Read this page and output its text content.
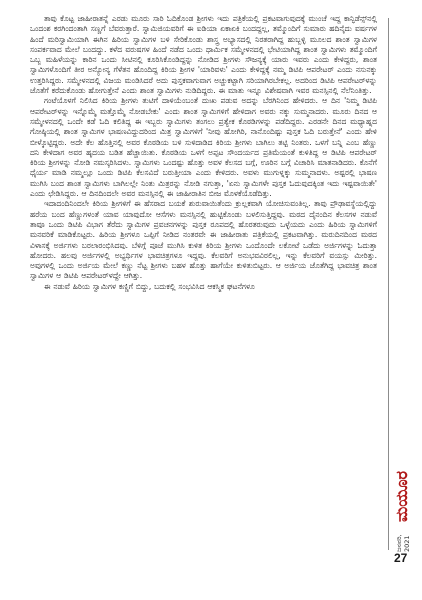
ತಾವು ಕೊಟ್ಟ ಜಾಹೀರಾತನ್ನೆ ಎರಡು ಮೂರು ಸಾರಿ ಓದಿಕೊಂಡ ಶ್ರೀಗಳು ಇದು ಪತ್ರಿಕೆಯಲ್ಲಿ ಪ್ರಕಟವಾಗುವುದಕ್ಕೆ ಮುಂಚೆ ಇದ್ದ ಕಾನ್ಫಿಡೆನ್ಸ್‌ನಲ್ಲಿ ಒಂದಂಶ ಕರಗಿಂದಂತಾಗಿ ಸಣ್ಣಗೆ ಬೆವರುತ್ತಾರೆ. ಸ್ವಾಮಿಜಿಯವರಿಗೆ ಈ ಐಡಿಯಾ ಏಕಾಏಕಿ ಬಂದದ್ದಲ್ಲ, ತಮ್ಮೊಂದಿಗೆ ಸುಮಾರು ಹದಿನೈದು ವರ್ಷಗಳ ಹಿಂದೆ ಮರಿಸ್ವಾಮಿಯಾಗಿ ಈಗಿನ ಹಿರಿಯ ಸ್ವಾಮಿಗಳ ಬಳಿ ಸೇರಿಕೊಂಡು ಶಾಸ್ತ್ರ ಅಭ್ಯಾಸದಲ್ಲಿ ನಿರತರಾಗಿದ್ದ ಹುಬ್ಬಳ್ಳಿ ಮೂಲದ ಶಾಂತ ಸ್ವಾಮಿಗಳ ಸಂಪರ್ಕವಾದ ಮೇಲೆ ಬಂದದ್ದು. ಕಳೆದ ವರುಷಗಳ ಹಿಂದೆ ನಡೆದ ಒಂದು ಧಾರ್ಮಿಕ ಸಮ್ಮೇಳನದಲ್ಲಿ ಭೇಟಿಯಾಗಿದ್ದ ಶಾಂತ ಸ್ವಾಮಿಗಳು ತಮ್ಮೊಂದಿಗೆ ಒಬ್ಬ ಮಹಿಳೆಯನ್ನು ಕಾರಿನ ಒಂದು ಸೀಟಿನಲ್ಲಿ ಕೂರಿಸಿಕೊಂಡಿದ್ದನ್ನು ನೋಡಿದ ಶ್ರೀಗಳು ಸೌಜನ್ಯಕ್ಕೆ ಯಾರು ಇವರು ಎಂದು ಕೇಳಿದ್ದರು, ಶಾಂತ ಸ್ವಾಮಿಗಳೊಂದಿಗೆ ತೀರ ಅನ್ಯೋನ್ಯ ಗೆಳೆತನ ಹೊಂದಿದ್ದ ಕಿರಿಯ ಶ್ರೀಗಳ 'ಯಾರಿವಳು' ಎಂದು ಕೇಳಿದ್ದಕ್ಕೆ ನಮ್ಮ ಡಿಟಿಪಿ ಆಪರೇಟರ್ ಎಂದು ನಸುನಕ್ಕು ಉತ್ತರಿಸಿದ್ದರು. ಸಮ್ಮೇಳನದಲ್ಲಿ ವಿಜಯ ಮಂಡಿಸಿದರೆ ಅದು ಪುಸ್ತಕವಾಗುವಾಗ ಅಚ್ಚುಕಟ್ಟಾಗಿ ಸರಿಯಾಗಿರಬೇಕಲ್ಲ. ಅದರಿಂದ ಡಿಟಿಪಿ ಆಪರೇಟರ್‌ಳನ್ನು ಜೊತೆಗೆ ಕರೆದುಕೊಂಡು ಹೋಗುತ್ತೇನೆ ಎಂದು ಶಾಂತ ಸ್ವಾಮಿಗಳು ನುಡಿದಿದ್ದರು. ಈ ಮಾತು ಇನ್ನೂ ವಿಶೇಷವಾಗಿ ಇವರ ಮನಸ್ಸಿನಲ್ಲಿ ನೆಲೆನಿಂತಿತ್ತು.

ಗಂಟೆಯೊಳಗೆ ನಿಲಿಸಿದ ಕಿರಿಯ ಶ್ರೀಗಳು ತುಟಿಗೆ ದಾಳಿಯೆಂಬಂತೆ ದುಃಖ ಪಡುವ ಅದನ್ನು ಬೆರಗಿನಿಂದ ಹೇಳಿದರು. ಆ ದಿನ 'ನಿಮ್ಮ ಡಿಟಿಪಿ ಆಪರೇಟರ್‌ಳನ್ನು ಇನ್ನೊಮ್ಮೆ ಮತ್ತೊಮ್ಮೆ ನೋಡಬೇಕು' ಎಂದು ಶಾಂತ ಸ್ವಾಮಿಗಳಿಗೆ ಹೇಳಿದಾಗ ಅವರು ನಕ್ಕು ಸುಮ್ಮನಾದರು. ಮೂರು ದಿನದ ಆ ಸಮ್ಮೇಳನದಲ್ಲಿ ಒಂದೇ ಕಡೆ ಓದಿ ಕಲಿತಿದ್ದ ಈ ಇಬ್ಬರು ಸ್ವಾಮಿಗಳು ತಂಗಲು ಪ್ರತ್ಯೇಕ ಕೊಠಡಿಗಳನ್ನು ಪಡೆದಿದ್ದರು. ಎರಡನೇ ದಿನದ ಮಧ್ಯಾಹ್ನದ ಗೋಷ್ಠಿಯಲ್ಲಿ ಶಾಂತ ಸ್ವಾಮಿಗಳ ಭಾಷಣವಿದ್ದುದರಿಂದ ಮಿತ್ರ ಸ್ವಾಮಿಗಳಿಗೆ 'ನೀವು ಹೋಗಿರಿ, ನಾನೊಂದಿಷ್ಟು ಪುಸ್ತಕ ಓದಿ ಬರುತ್ತೇನೆ' ಎಂದು ಹೇಳಿ ಬೀಳ್ಕೊಟ್ಟಿದ್ದರು. ಅದೇ ಕೆಲ ಹೊತ್ತಿನಲ್ಲಿ ಅವರ ಕೊಠಡಿಯ ಬಳಿ ಸುಳಿದಾಡಿದ ಕಿರಿಯ ಶ್ರೀಗಳು ಬಾಗಿಲು ತಟ್ಟಿ ನಿಂತರು. ಒಳಗೆ ಬನ್ನಿ ಎಂಬ ಹೆಣ್ಣು ದನಿ ಕೇಳಿದಾಗ ಅವರ ಹೃದಯ ಬಡಿತ ಹೆಚ್ಚಾಯಿತು. ಕೊಠಡಿಯ ಒಳಗೆ ಅಪ್ಪಟ ಸೌಂದರ್ಯದ ಪ್ರತಿಮೆಯಂತೆ ಕುಳಿತಿದ್ದ ಆ ಡಿಟಿಪಿ ಆಪರೇಟರ್ ಕಿರಿಯ ಶ್ರೀಗಳನ್ನು ನೋಡಿ ನಮಸ್ಕರಿಸಿದಳು. ಸ್ವಾಮಿಗಳು ಒಂದಷ್ಟು ಹೊತ್ತು ಅವಳ ಕೆಲಸದ ಬಗ್ಗೆ, ಊರಿನ ಬಗ್ಗೆ ವಿಚಾರಿಸಿ ಮಾತನಾಡಿದರು. ಕೊನೆಗೆ ಧೈರ್ಯ ಮಾಡಿ ನಮ್ಮಲ್ಲೂ ಒಂದು ಡಿಟಿಪಿ ಕೆಲಸವಿದೆ ಬರುತ್ತೀಯಾ ಎಂದು ಕೇಳಿದರು. ಅವಳು ಮುಗುಳ್ನಕ್ಕು ಸುಮ್ಮನಾದಳು. ಅಷ್ಟರಲ್ಲಿ ಭಾಷಣ ಮುಗಿಸಿ ಬಂದ ಶಾಂತ ಸ್ವಾಮಿಗಳು ಬಾಗಿಲಲ್ಲೇ ನಿಂತು ಮಿತ್ರರನ್ನು ನೋಡಿ ನಗುತ್ತಾ, 'ಏನು ಸ್ವಾಮಿಗಳೇ ಪುಸ್ತಕ ಓದುವುದಕ್ಕಿಂತ ಇದು ಇಷ್ಟವಾಯಿತೇ' ಎಂದು ಛೇಡಿಸಿದ್ದರು. ಆ ದಿನದಿಂದಲೇ ಅವರ ಮನಸ್ಸಿನಲ್ಲಿ ಈ ಜಾಹೀರಾತಿನ ಬೀಜ ಮೊಳಕೆಯೊಡೆದಿತ್ತು.

ಇದಾದಂದಿನಿಂದಲೇ ಕಿರಿಯ ಶ್ರೀಗಳಿಗೆ ಈ ಹೆಸರಾದ ಬಯಕೆ ಶುರುವಾಯಿತೆಂದು ಕ್ರುಲ್ಲಕವಾಗಿ ಯೋಚಿಸುವಂತಿಲ್ಲ. ತಾವು ಪ್ರೌಢಾವಸ್ಥೆಯಲ್ಲಿದ್ದು ಹರೆಯ ಬಂದ ಹೆಣ್ಣುಗಳಂತೆ ಯಾವ ಯಾವುದೋ ಆಸೆಗಳು ಮನಸ್ಸಿನಲ್ಲಿ ಹುಟ್ಟಿಕೊಂಡು ಬಳಲಿಸುತ್ತಿದ್ದವು. ಮಠದ ದೈನಂದಿನ ಕೆಲಸಗಳ ನಡುವೆ ತಾವೂ ಒಂದು ಡಿಟಿಪಿ ವಿಭಾಗ ತೆರೆದು ಸ್ವಾಮಿಗಳ ಪ್ರವಚನಗಳನ್ನು ಪುಸ್ತಕ ರೂಪದಲ್ಲಿ ಹೊರತರುವುದು ಒಳ್ಳೆಯದು ಎಂದು ಹಿರಿಯ ಸ್ವಾಮಿಗಳಿಗೆ ಮನವರಿಕೆ ಮಾಡಿಕೊಟ್ಟರು. ಹಿರಿಯ ಶ್ರೀಗಳೂ ಒಪ್ಪಿಗೆ ನೀಡಿದ ನಂತರವೇ ಈ ಜಾಹೀರಾತು ಪತ್ರಿಕೆಯಲ್ಲಿ ಪ್ರಕಟವಾಗಿತ್ತು. ಮರುದಿನದಿಂದ ಮಠದ ವಿಳಾಸಕ್ಕೆ ಅರ್ಜಿಗಳು ಬರಲಾರಂಭಿಸಿದವು. ಬೆಳಿಗ್ಗೆ ಪೂಜೆ ಮುಗಿಸಿ ಕುಳಿತ ಕಿರಿಯ ಶ್ರೀಗಳು ಒಂದೊಂದೇ ಲಕೋಟೆ ಒಡೆದು ಅರ್ಜಿಗಳನ್ನು ಓದುತ್ತಾ ಹೋದರು. ಹಲವು ಅರ್ಜಿಗಳಲ್ಲಿ ಅಭ್ಯರ್ಥಿಗಳ ಭಾವಚಿತ್ರಗಳೂ ಇದ್ದವು. ಕೆಲವರಿಗೆ ಅನುಭವವಿರಲಿಲ್ಲ, ಇನ್ನು ಕೆಲವರಿಗೆ ವಯಸ್ಸು ಮೀರಿತ್ತು. ಅವುಗಳಲ್ಲಿ ಒಂದು ಅರ್ಜಿಯ ಮೇಲೆ ಕಣ್ಣು ನೆಟ್ಟ ಶ್ರೀಗಳು ಬಹಳ ಹೊತ್ತು ಹಾಗೆಯೇ ಕುಳಿತುಬಿಟ್ಟರು. ಆ ಅರ್ಜಿಯ ಜೊತೆಗಿದ್ದ ಭಾವಚಿತ್ರ ಶಾಂತ ಸ್ವಾಮಿಗಳ ಆ ಡಿಟಿಪಿ ಆಪರೇಟರ್‌ಳದ್ದೇ ಆಗಿತ್ತು.

ಈ ನಡುವೆ ಹಿರಿಯ ಸ್ವಾಮಿಗಳ ಕಣ್ಣಿಗೆ ಬಿದ್ದು, ಬದುಕಲ್ಲಿ ಸಂಭವಿಸಿದ ಆಕಸ್ಮಿಕ ಘಟನೆಗಳೂ

ಮಯೂರ
ಜನವರಿ, 2021
27
